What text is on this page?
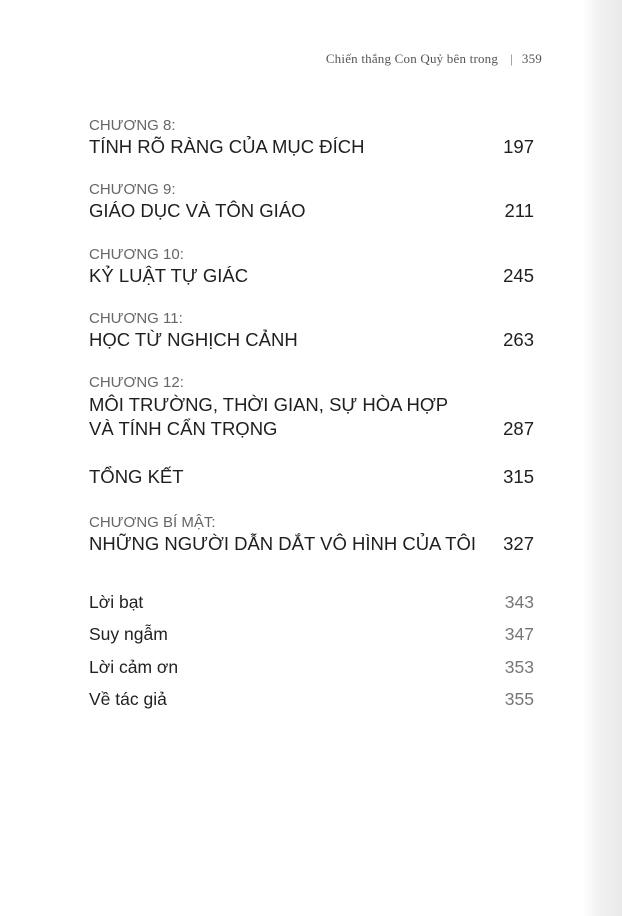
Chiến thắng Con Quỷ bên trong | 359
CHƯƠNG 8:
TÍNH RÕ RÀNG CỦA MỤC ĐÍCH	197
CHƯƠNG 9:
GIÁO DỤC VÀ TÔN GIÁO	211
CHƯƠNG 10:
KỶ LUẬT TỰ GIÁC	245
CHƯƠNG 11:
HỌC TỪ NGHỊCH CẢNH	263
CHƯƠNG 12:
MÔI TRƯỜNG, THỜI GIAN, SỰ HÒA HỢP
VÀ TÍNH CẨN TRỌNG	287
TỔNG KẾT	315
CHƯƠNG BÍ MẬT:
NHỮNG NGƯỜI DẪN DẮT VÔ HÌNH CỦA TÔI 327
Lời bạt	343
Suy ngẫm	347
Lời cảm ơn	353
Về tác giả	355
